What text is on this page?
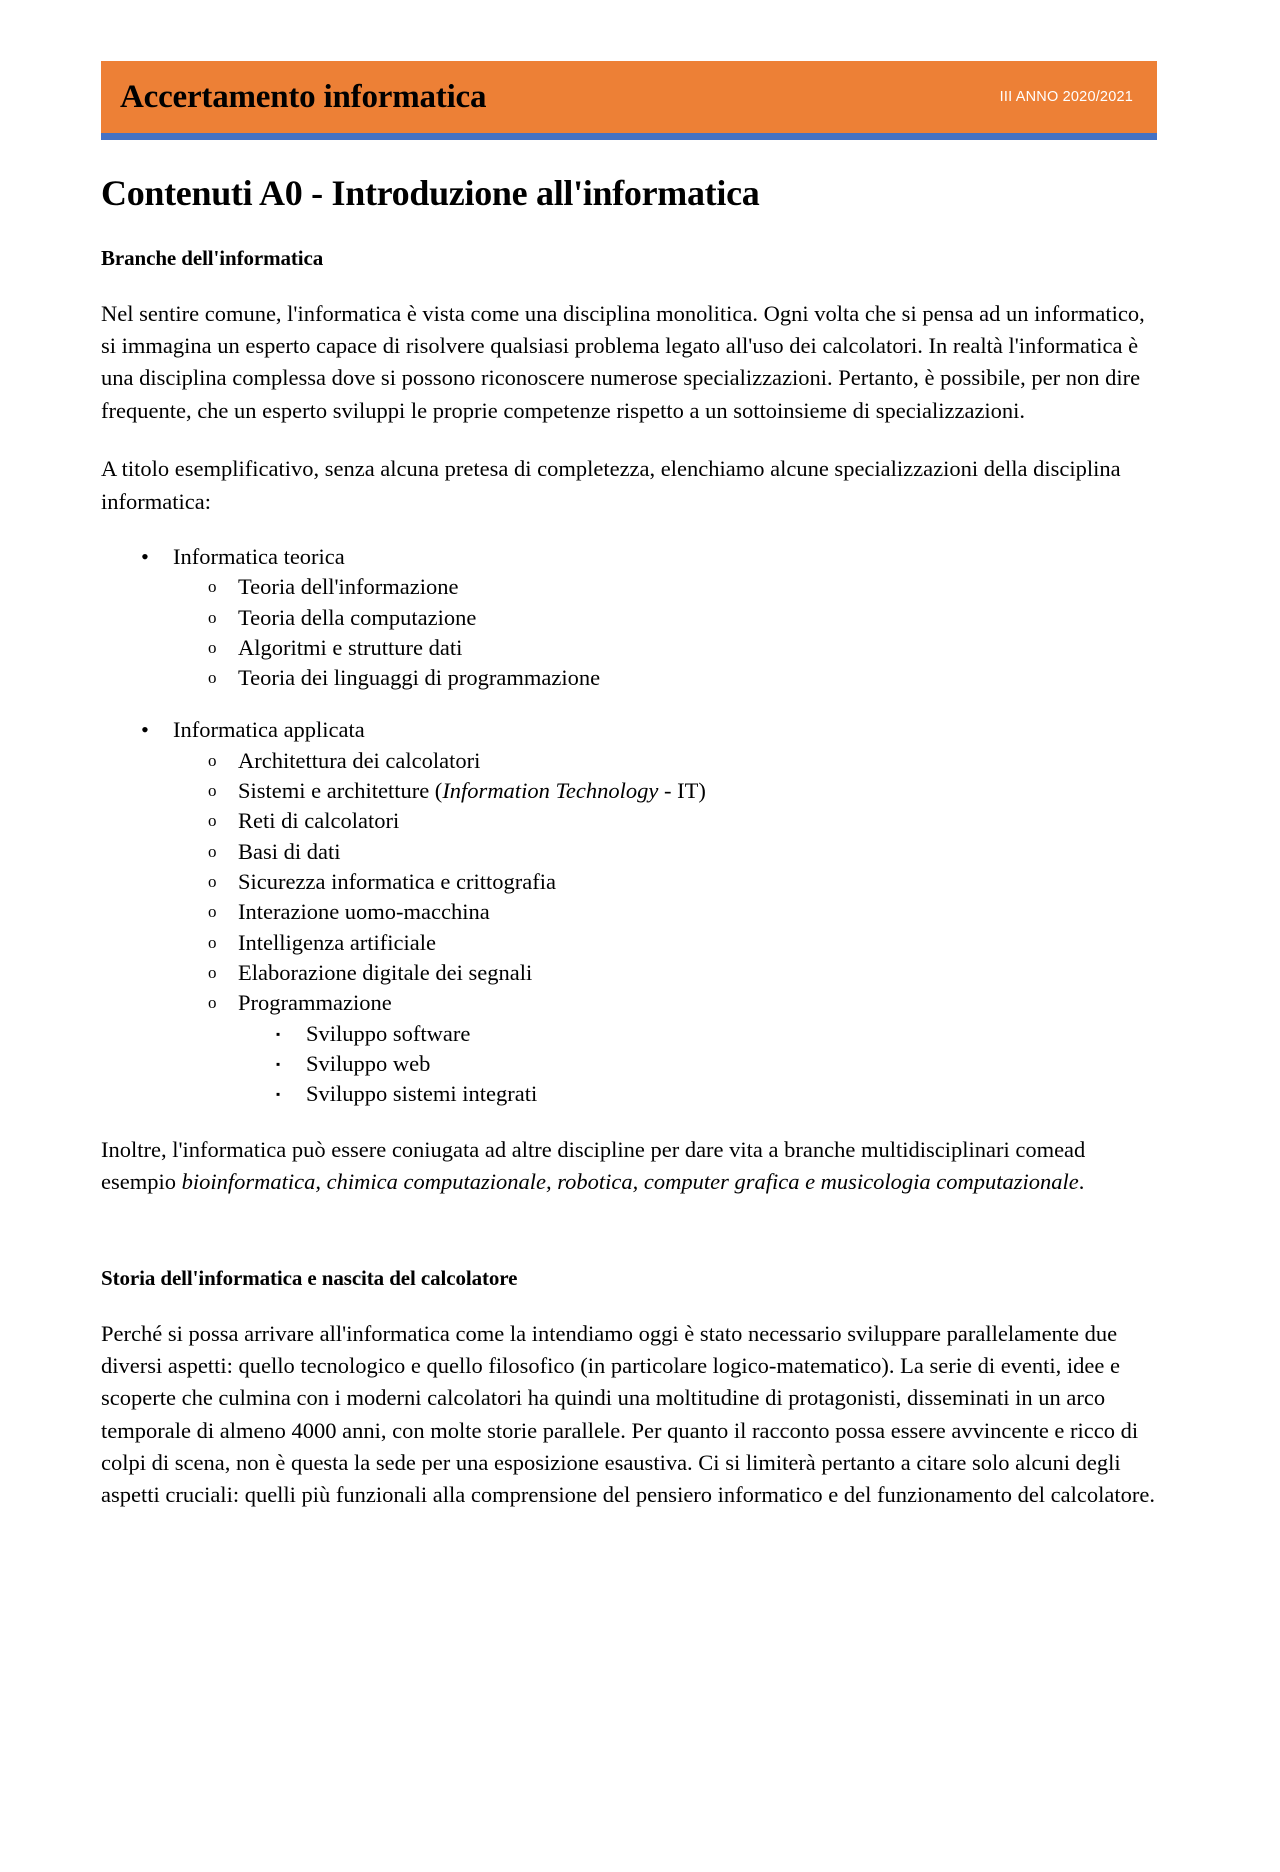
Accertamento informatica	III ANNO 2020/2021
Contenuti A0 - Introduzione all'informatica
Branche dell'informatica

Nel sentire comune, l'informatica è vista come una disciplina monolitica. Ogni volta che si pensa ad un informatico, si immagina un esperto capace di risolvere qualsiasi problema legato all'uso dei calcolatori. In realtà l'informatica è una disciplina complessa dove si possono riconoscere numerose specializzazioni. Pertanto, è possibile, per non dire frequente, che un esperto sviluppi le proprie competenze rispetto a un sottoinsieme di specializzazioni.

A titolo esemplificativo, senza alcuna pretesa di completezza, elenchiamo alcune specializzazioni della disciplina informatica:

• Informatica teorica
o Teoria dell'informazione
o Teoria della computazione
o Algoritmi e strutture dati
o Teoria dei linguaggi di programmazione
• Informatica applicata
o Architettura dei calcolatori
o Sistemi e architetture (Information Technology - IT)
o Reti di calcolatori
o Basi di dati
o Sicurezza informatica e crittografia
o Interazione uomo-macchina
o Intelligenza artificiale
o Elaborazione digitale dei segnali
o Programmazione
▪ Sviluppo software
▪ Sviluppo web
▪ Sviluppo sistemi integrati

Inoltre, l'informatica può essere coniugata ad altre discipline per dare vita a branche multidisciplinari comead esempio bioinformatica, chimica computazionale, robotica, computer grafica e musicologia computazionale.

Storia dell'informatica e nascita del calcolatore

Perché si possa arrivare all'informatica come la intendiamo oggi è stato necessario sviluppare parallelamente due diversi aspetti: quello tecnologico e quello filosofico (in particolare logico-matematico). La serie di eventi, idee e scoperte che culmina con i moderni calcolatori ha quindi una moltitudine di protagonisti, disseminati in un arco temporale di almeno 4000 anni, con molte storie parallele. Per quanto il racconto possa essere avvincente e ricco di colpi di scena, non è questa la sede per una esposizione esaustiva. Ci si limiterà pertanto a citare solo alcuni degli aspetti cruciali: quelli più funzionali alla comprensione del pensiero informatico e del funzionamento del calcolatore.
